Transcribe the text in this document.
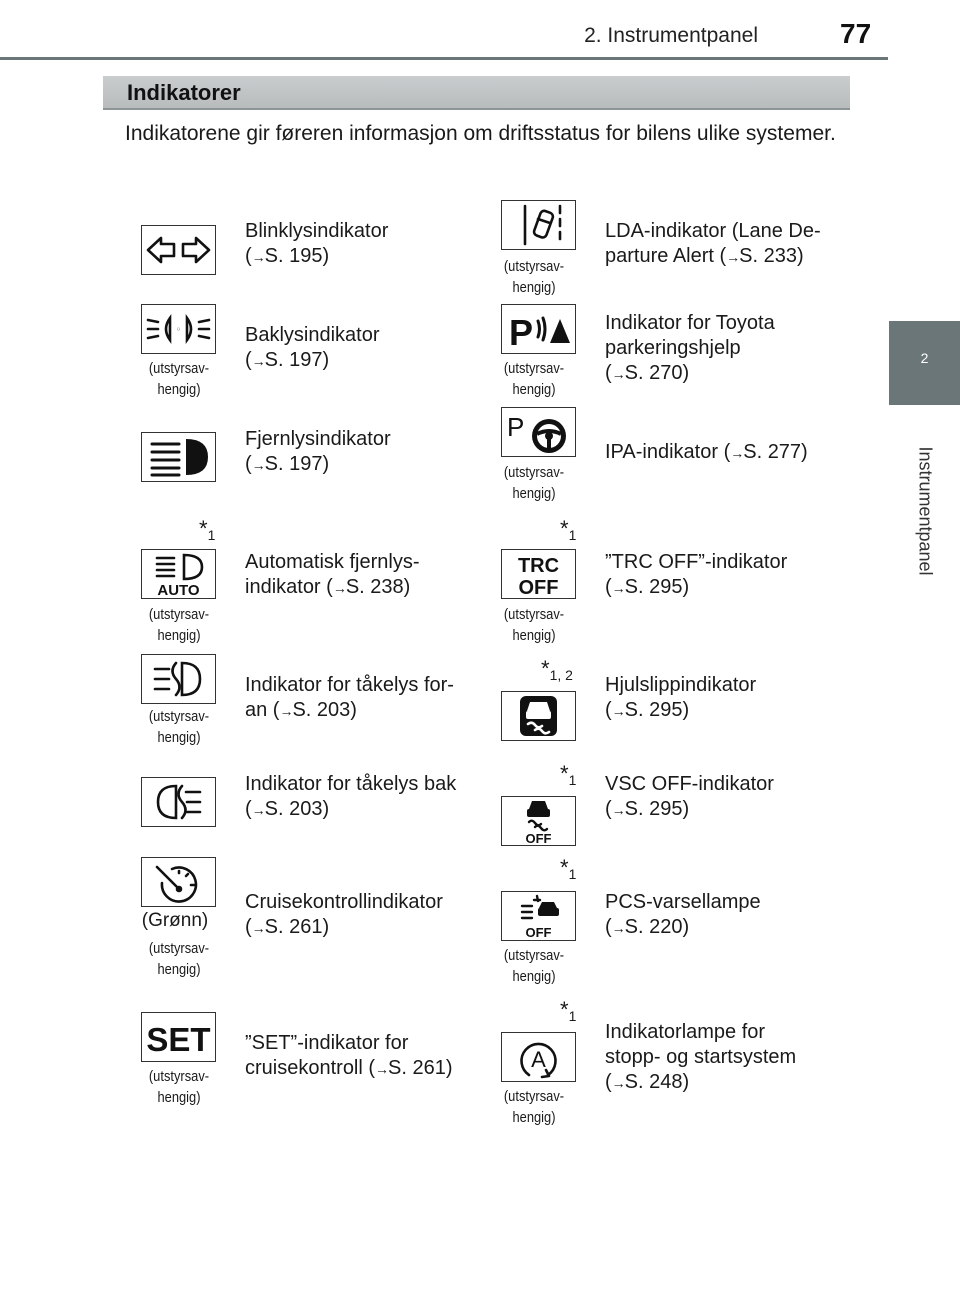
2. Instrumentpanel	77
2
Instrumentpanel
Indikatorer
Indikatorene gir føreren informasjon om driftsstatus for bilens ulike systemer.
Blinklysindikator
(→S. 195)
(utstyrsav-
hengig)
Baklysindikator
(→S. 197)
Fjernlysindikator
(→S. 197)
$*_1$
AUTO
(utstyrsav-
hengig)
Automatisk fjernlys-
indikator (→S. 238)
(utstyrsav-
hengig)
Indikator for tåkelys for-
an (→S. 203)
Indikator for tåkelys bak
(→S. 203)
(Grønn)
(utstyrsav-
hengig)
Cruisekontrollindikator
(→S. 261)
SET
(utstyrsav-
hengig)
”SET”-indikator for
cruisekontroll (→S. 261)
(utstyrsav-
hengig)
LDA-indikator (Lane De-
parture Alert (→S. 233)
P
(utstyrsav-
hengig)
Indikator for Toyota
parkeringshjelp
(→S. 270)
P
(utstyrsav-
hengig)
IPA-indikator (→S. 277)
$*_1$
TRC
OFF
(utstyrsav-
hengig)
”TRC OFF”-indikator
(→S. 295)
$*_{1, 2}$ Hjulslippindikator
(→S. 295)
$*_1$
OFF
VSC OFF-indikator
(→S. 295)
$*_1$
OFF
(utstyrsav-
hengig)
PCS-varsellampe
(→S. 220)
$*_1$
A
(utstyrsav-
hengig)
Indikatorlampe for
stopp- og startsystem
(→S. 248)
